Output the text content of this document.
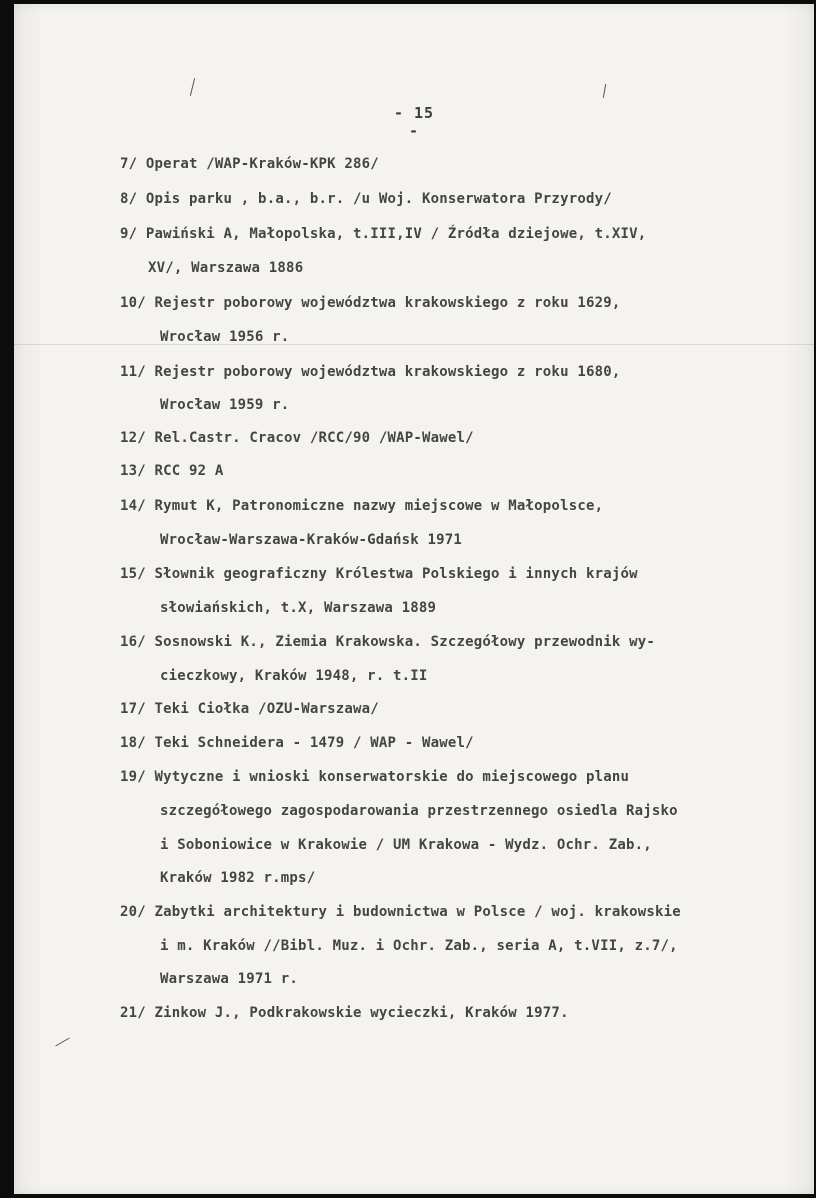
- 15 -
7/ Operat /WAP-Kraków-KPK 286/
8/ Opis parku , b.a., b.r. /u Woj. Konserwatora Przyrody/
9/ Pawiński A, Małopolska, t.III,IV / Źródła dziejowe, t.XIV,
XV/, Warszawa 1886
10/ Rejestr poborowy województwa krakowskiego z roku 1629,
Wrocław 1956 r.
11/ Rejestr poborowy województwa krakowskiego z roku 1680,
Wrocław 1959 r.
12/ Rel.Castr. Cracov /RCC/90 /WAP-Wawel/
13/ RCC 92 A
14/ Rymut K, Patronomiczne nazwy miejscowe w Małopolsce,
Wrocław-Warszawa-Kraków-Gdańsk 1971
15/ Słownik geograficzny Królestwa Polskiego i innych krajów
słowiańskich, t.X, Warszawa 1889
16/ Sosnowski K., Ziemia Krakowska. Szczegółowy przewodnik wy-
cieczkowy, Kraków 1948, r. t.II
17/ Teki Ciołka /OZU-Warszawa/
18/ Teki Schneidera - 1479 / WAP - Wawel/
19/ Wytyczne i wnioski konserwatorskie do miejscowego planu
szczegółowego zagospodarowania przestrzennego osiedla Rajsko
i Soboniowice w Krakowie / UM Krakowa - Wydz. Ochr. Zab.,
Kraków 1982 r.mps/
20/ Zabytki architektury i budownictwa w Polsce / woj. krakowskie
i m. Kraków //Bibl. Muz. i Ochr. Zab., seria A, t.VII, z.7/,
Warszawa 1971 r.
21/ Zinkow J., Podkrakowskie wycieczki, Kraków 1977.
